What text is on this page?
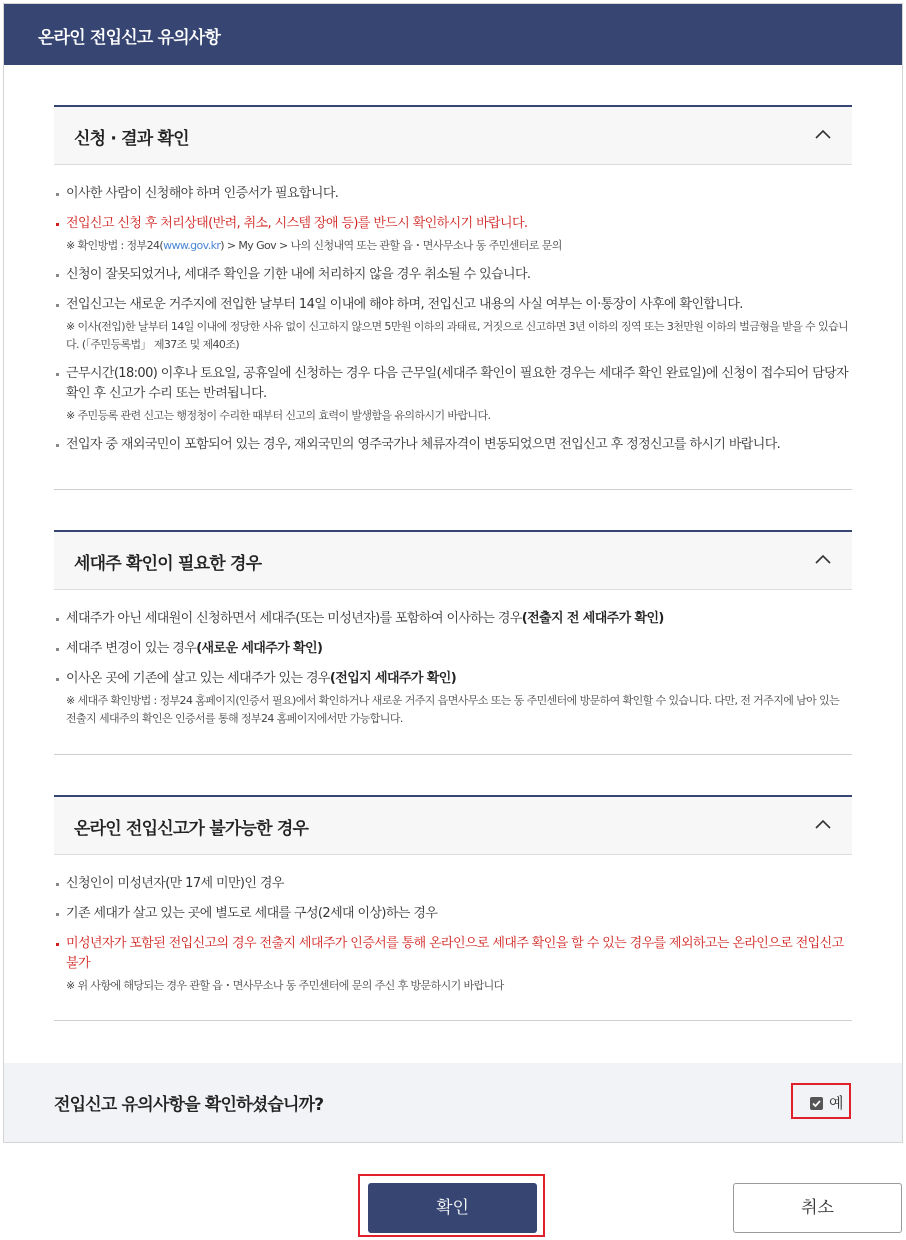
온라인 전입신고 유의사항
신청 · 결과 확인
이사한 사람이 신청해야 하며 인증서가 필요합니다.
전입신고 신청 후 처리상태(반려, 취소, 시스템 장애 등)를 반드시 확인하시기 바랍니다.
※ 확인방법 : 정부24(www.gov.kr) > My Gov > 나의 신청내역 또는 관할 읍・면사무소나 동 주민센터로 문의
신청이 잘못되었거나, 세대주 확인을 기한 내에 처리하지 않을 경우 취소될 수 있습니다.
전입신고는 새로운 거주지에 전입한 날부터 14일 이내에 해야 하며, 전입신고 내용의 사실 여부는 이·통장이 사후에 확인합니다.
※ 이사(전입)한 날부터 14일 이내에 정당한 사유 없이 신고하지 않으면 5만원 이하의 과태료, 거짓으로 신고하면 3년 이하의 징역 또는 3천만원 이하의 벌금형을 받을 수 있습니다. (「주민등록법」 제37조 및 제40조)
근무시간(18:00) 이후나 토요일, 공휴일에 신청하는 경우 다음 근무일(세대주 확인이 필요한 경우는 세대주 확인 완료일)에 신청이 접수되어 담당자 확인 후 신고가 수리 또는 반려됩니다.
※ 주민등록 관련 신고는 행정청이 수리한 때부터 신고의 효력이 발생함을 유의하시기 바랍니다.
전입자 중 재외국민이 포함되어 있는 경우, 재외국민의 영주국가나 체류자격이 변동되었으면 전입신고 후 정정신고를 하시기 바랍니다.
세대주 확인이 필요한 경우
세대주가 아닌 세대원이 신청하면서 세대주(또는 미성년자)를 포함하여 이사하는 경우(전출지 전 세대주가 확인)
세대주 변경이 있는 경우(새로운 세대주가 확인)
이사온 곳에 기존에 살고 있는 세대주가 있는 경우(전입지 세대주가 확인)
※ 세대주 확인방법 : 정부24 홈페이지(인증서 필요)에서 확인하거나 새로운 거주지 읍면사무소 또는 동 주민센터에 방문하여 확인할 수 있습니다. 다만, 전 거주지에 남아 있는 전출지 세대주의 확인은 인증서를 통해 정부24 홈페이지에서만 가능합니다.
온라인 전입신고가 불가능한 경우
신청인이 미성년자(만 17세 미만)인 경우
기존 세대가 살고 있는 곳에 별도로 세대를 구성(2세대 이상)하는 경우
미성년자가 포함된 전입신고의 경우 전출지 세대주가 인증서를 통해 온라인으로 세대주 확인을 할 수 있는 경우를 제외하고는 온라인으로 전입신고 불가
※ 위 사항에 해당되는 경우 관할 읍・면사무소나 동 주민센터에 문의 주신 후 방문하시기 바랍니다
전입신고 유의사항을 확인하셨습니까?	예
확인	취소
